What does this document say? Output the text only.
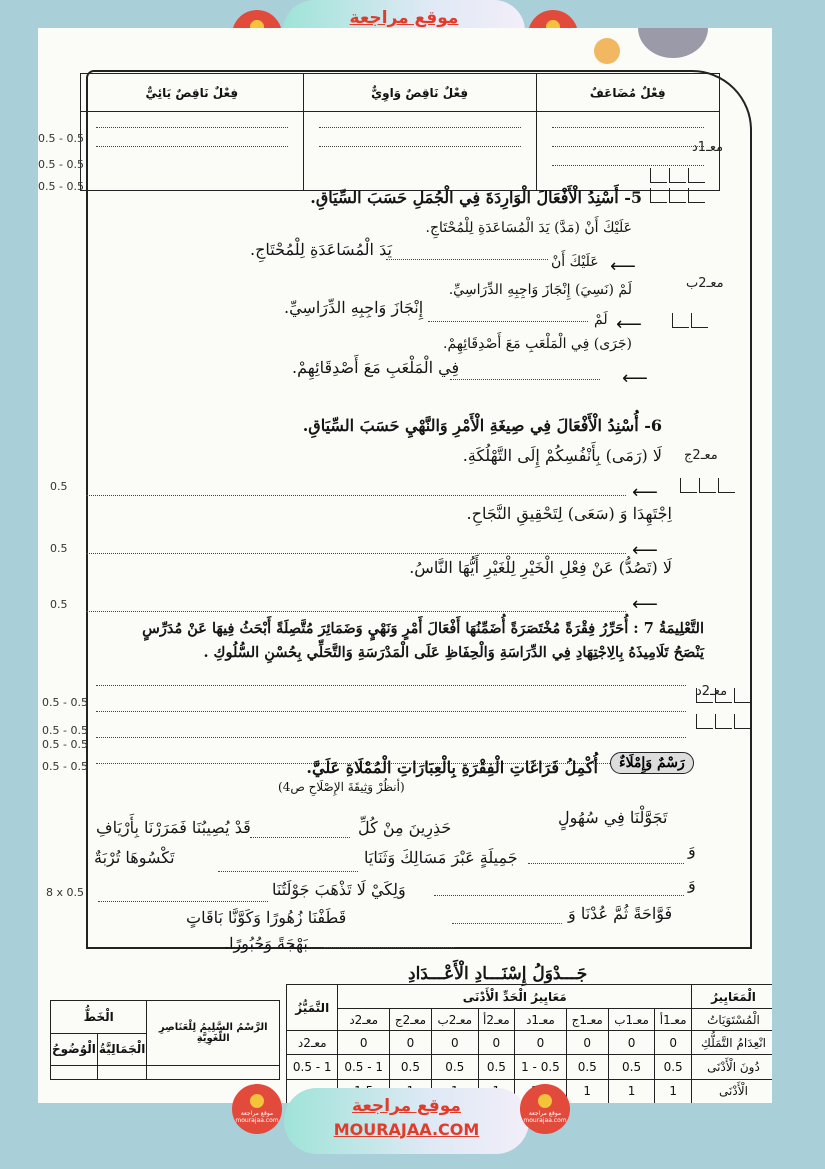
موقع مراجعة
فِعْلٌ مُضَاعَفٌ	فِعْلٌ نَاقِصٌ وَاوِيٌّ	فِعْلٌ نَاقِصٌ يَائِيٌّ

معـ1د
0.5 - 0.5
0.5 - 0.5
0.5 - 0.5
5- أَسْنِدُ الْأَفْعَالَ الْوَارِدَةَ فِي الْجُمَلِ حَسَبَ السِّيَاقِ.
عَلَيْكَ أَنْ (مَدَّ) يَدَ الْمُسَاعَدَةِ لِلْمُحْتَاجِ.
يَدَ الْمُسَاعَدَةِ لِلْمُحْتَاجِ.
عَلَيْكَ أَنْ ⟵
لَمْ (نَسِيَ) إِنْجَازَ وَاجِبِهِ الدِّرَاسِيِّ.
إِنْجَازَ وَاجِبِهِ الدِّرَاسِيِّ.
لَمْ ⟵
معـ2ب
(جَرَى) فِي الْمَلْعَبِ مَعَ أَصْدِقَائِهِمْ.
فِي الْمَلْعَبِ مَعَ أَصْدِقَائِهِمْ.
⟵
6- أُسْنِدُ الْأَفْعَالَ فِي صِيغَةِ الْأَمْرِ وَالنَّهْيِ حَسَبَ السِّيَاقِ.
لَا (رَمَى) بِأَنْفُسِكُمْ إِلَى التَّهْلُكَةِ.
⟵
معـ2ج
0.5
اِجْتَهِدَا وَ (سَعَى) لِتَحْقِيقِ النَّجَاحِ.
⟵
0.5
لَا (تَصُدُّ) عَنْ فِعْلِ الْخَيْرِ لِلْغَيْرِ أَيُّهَا النَّاسُ.
⟵
0.5
التَّعْلِيمَةُ 7 : أُحَرِّرُ فِقْرَةً مُخْتَصَرَةً أُضَمِّنُهَا أَفْعَالَ أَمْرٍ وَنَهْيٍ وَضَمَائِرَ مُتَّصِلَةً أَبْحَثُ فِيهَا عَنْ مُدَرِّسٍ
يَنْصَحُ تَلَامِيذَهُ بِالِاجْتِهَادِ فِي الدِّرَاسَةِ وَالْحِفَاظِ عَلَى الْمَدْرَسَةِ وَالتَّحَلِّي بِحُسْنِ السُّلُوكِ .
معـ2د
0.5 - 0.5
0.5 - 0.5
0.5 - 0.5
0.5 - 0.5	رَسْمٌ وَإِمْلَاءٌ
أُكْمِلُ فَرَاغَاتِ الْفِقْرَةِ بِالْعِبَارَاتِ الْمُمْلَاةِ عَلَيَّ.
(أنظُرْ وَثِيقَةَ الإِصْلَاحِ ص4)
تَجَوَّلْنَا فِي سُهُولٍ
حَذِرِينَ مِنْ كُلِّ
قَدْ يُصِيبُنَا فَمَرَرْنَا بِأَرْيَافِ
وَ
جَمِيلَةٍ عَبْرَ مَسَالِكَ وَثَنَايَا
تَكْسُوهَا تُرْبَةٌ
وَ
وَلِكَيْ لَا تَذْهَبَ جَوْلَتُنَا
فَوَّاحَةً ثُمَّ عُدْنَا وَ
قَطَفْنَا زُهُورًا وَكَوَّنَّا بَاقَاتٍ
بَهْجَةً وَحُبُورًا.
8 x 0.5
جَـــدْوَلُ إِسْنَـــادِ الْأَعْـــدَادِ
التَّمَيُّزُ	مَعَايِيرُ الْحَدِّ الْأَدْنَى								الْمَعَايِيرُ
	معـ2د	معـ2ج	معـ2ب	معـ2أ	معـ1د	معـ1ج	معـ1ب	معـ1أ	الْمُسْتَوَيَاتُ
معـ2د	0	0	0	0	0	0	0	0	انْعِدَامُ التَّمَلُّكِ
0.5 - 1	0.5 - 1	0.5	0.5	0.5	1 - 0.5	0.5	0.5	0.5	دُونَ الْأَدْنَى
						1	1	1	الْأَدْنَى
الْخَطُّ		الرَّسْمُ السَّلِيمُ لِلْعَنَاصِرِ اللُّغَوِيَّةِ
الْوُضُوحُ	الْجَمَالِيَّةُ	

موقع مراجعة
MOURAJAA.COM
موقع مراجعة
mourajaa.com
موقع مراجعة
mourajaa.com
